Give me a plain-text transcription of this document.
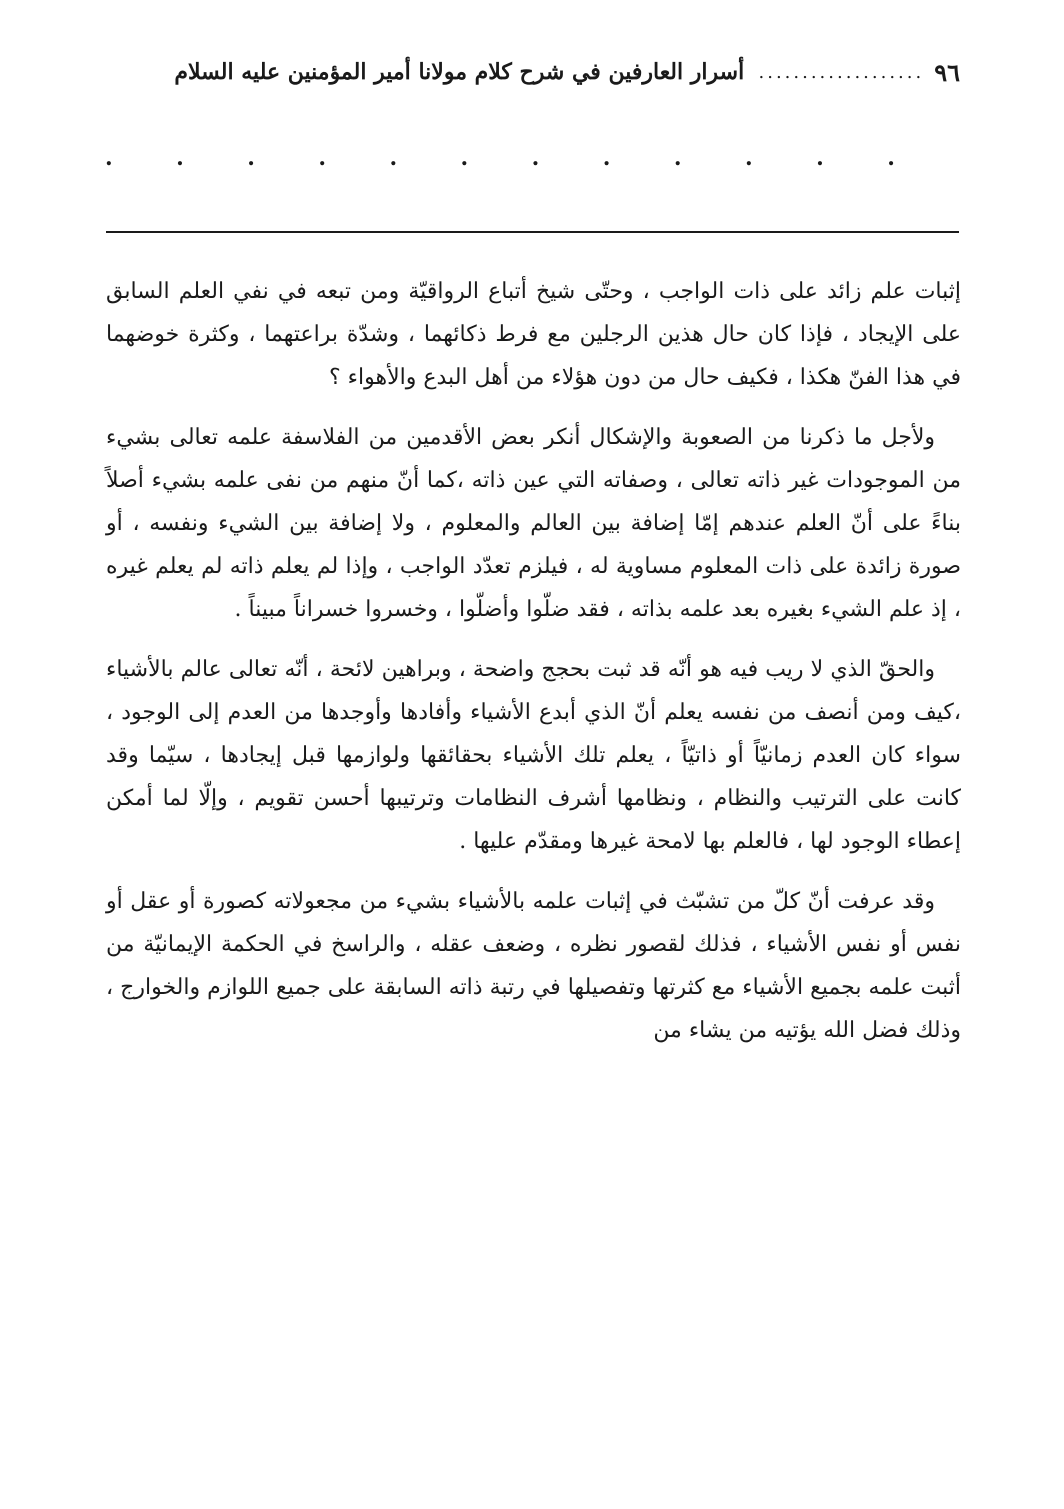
٩٦
...................
أسرار العارفين في شرح كلام مولانا أمير المؤمنين عليه السلام
.	.	.	.	.	.	.	.	.	.	.	.

إثبات علم زائد على ذات الواجب ، وحتّى شيخ أتباع الرواقيّة ومن تبعه في نفي العلم السابق على الإيجاد ، فإذا كان حال هذين الرجلين مع فرط ذكائهما ، وشدّة براعتهما ، وكثرة خوضهما في هذا الفنّ هكذا ، فكيف حال من دون هؤلاء من أهل البدع والأهواء ؟

ولأجل ما ذكرنا من الصعوبة والإشكال أنكر بعض الأقدمين من الفلاسفة علمه تعالى بشيء من الموجودات غير ذاته تعالى ، وصفاته التي عين ذاته ،كما أنّ منهم من نفى علمه بشيء أصلاً بناءً على أنّ العلم عندهم إمّا إضافة بين العالم والمعلوم ، ولا إضافة بين الشيء ونفسه ، أو صورة زائدة على ذات المعلوم مساوية له ، فيلزم تعدّد الواجب ، وإذا لم يعلم ذاته لم يعلم غيره ، إذ علم الشيء بغيره بعد علمه بذاته ، فقد ضلّوا وأضلّوا ، وخسروا خسراناً مبيناً .

والحقّ الذي لا ريب فيه هو أنّه قد ثبت بحجج واضحة ، وبراهين لائحة ، أنّه تعالى عالم بالأشياء ،كيف ومن أنصف من نفسه يعلم أنّ الذي أبدع الأشياء وأفادها وأوجدها من العدم إلى الوجود ، سواء كان العدم زمانيّاً أو ذاتيّاً ، يعلم تلك الأشياء بحقائقها ولوازمها قبل إيجادها ، سيّما وقد كانت على الترتيب والنظام ، ونظامها أشرف النظامات وترتيبها أحسن تقويم ، وإلّا لما أمكن إعطاء الوجود لها ، فالعلم بها لامحة غيرها ومقدّم عليها .

وقد عرفت أنّ كلّ من تشبّث في إثبات علمه بالأشياء بشيء من مجعولاته كصورة أو عقل أو نفس أو نفس الأشياء ، فذلك لقصور نظره ، وضعف عقله ، والراسخ في الحكمة الإيمانيّة من أثبت علمه بجميع الأشياء مع كثرتها وتفصيلها في رتبة ذاته السابقة على جميع اللوازم والخوارج ، وذلك فضل الله يؤتيه من يشاء من
